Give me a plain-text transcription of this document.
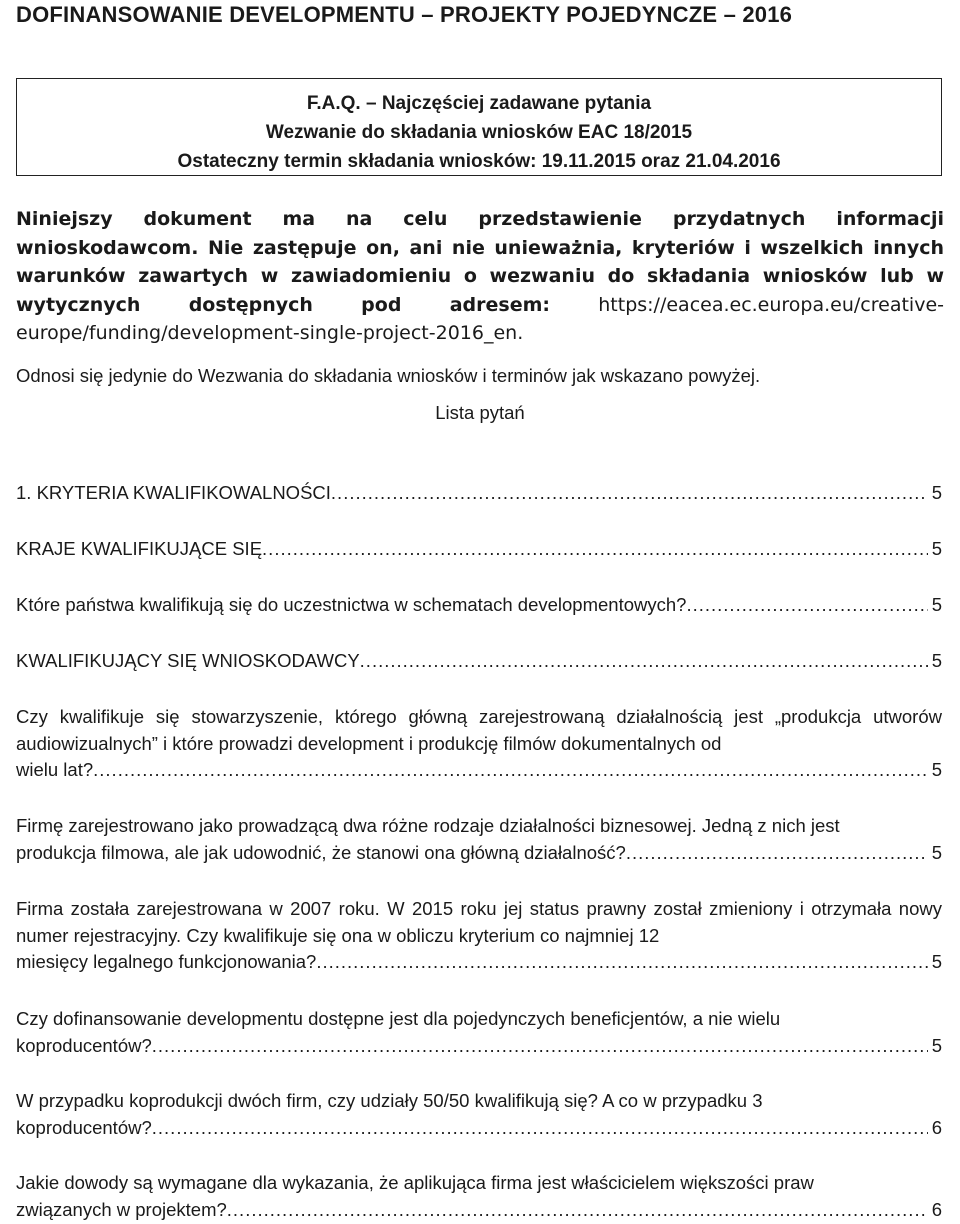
DOFINANSOWANIE DEVELOPMENTU – PROJEKTY POJEDYNCZE – 2016
F.A.Q. – Najczęściej zadawane pytania
Wezwanie do składania wniosków EAC 18/2015
Ostateczny termin składania wniosków: 19.11.2015 oraz 21.04.2016
Niniejszy dokument ma na celu przedstawienie przydatnych informacji wnioskodawcom. Nie zastępuje on, ani nie unieważnia, kryteriów i wszelkich innych warunków zawartych w zawiadomieniu o wezwaniu do składania wniosków lub w wytycznych dostępnych pod adresem:	https://eacea.ec.europa.eu/creative-europe/funding/development-single-project-2016_en.
Odnosi się jedynie do Wezwania do składania wniosków i terminów jak wskazano powyżej.
Lista pytań
1. KRYTERIA KWALIFIKOWALNOŚCI .....	5
KRAJE KWALIFIKUJĄCE SIĘ .....	5
Które państwa kwalifikują się do uczestnictwa w schematach developmentowych? .....	5
KWALIFIKUJĄCY SIĘ WNIOSKODAWCY .....	5
Czy kwalifikuje się stowarzyszenie, którego główną zarejestrowaną działalnością jest „produkcja utworów audiowizualnych” i które prowadzi development i produkcję filmów dokumentalnych od
wielu lat? .....	5
Firmę zarejestrowano jako prowadzącą dwa różne rodzaje działalności biznesowej. Jedną z nich jest
produkcja filmowa, ale jak udowodnić, że stanowi ona główną działalność? .....	5
Firma została zarejestrowana w 2007 roku. W 2015 roku jej status prawny został zmieniony i otrzymała nowy numer rejestracyjny. Czy kwalifikuje się ona w obliczu kryterium co najmniej 12
miesięcy legalnego funkcjonowania? .....	5
Czy dofinansowanie developmentu dostępne jest dla pojedynczych beneficjentów, a nie wielu
koproducentów? .....	5
W przypadku koprodukcji dwóch firm, czy udziały 50/50 kwalifikują się? A co w przypadku 3
koproducentów? .....	6
Jakie dowody są wymagane dla wykazania, że aplikująca firma jest właścicielem większości praw
związanych w projektem? .....	6
